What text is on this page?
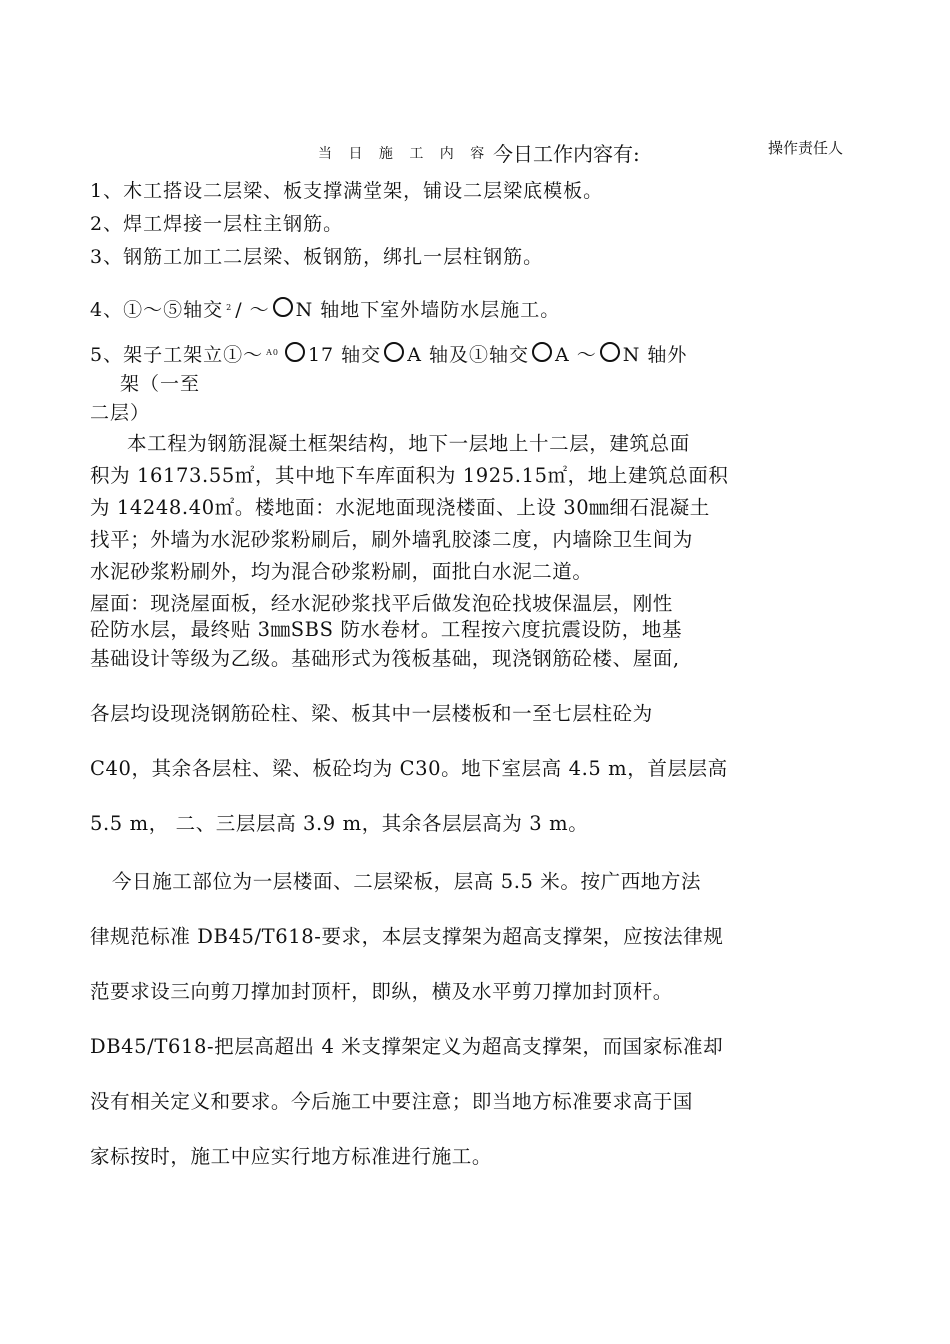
当 日 施 工 内 容 今日工作内容有:	操作责任人
1、木工搭设二层梁、板支撑满堂架，铺设二层梁底模板。
2、焊工焊接一层柱主钢筋。
3、钢筋工加工二层梁、板钢筋，绑扎一层柱钢筋。
4、①～⑤轴交 $^2$ / ～ N 轴地下室外墙防水层施工。
5、架子工架立①～ $^{A0}$ 17 轴交 A 轴及①轴交 A ～ N 轴外
架（一至
二层）
本工程为钢筋混凝土框架结构，地下一层地上十二层，建筑总面
积为 16173.55㎡，其中地下车库面积为 1925.15㎡，地上建筑总面积
为 14248.40㎡。楼地面：水泥地面现浇楼面、上设 30㎜细石混凝土
找平；外墙为水泥砂浆粉刷后，刷外墙乳胶漆二度，内墙除卫生间为
水泥砂浆粉刷外，均为混合砂浆粉刷，面批白水泥二道。
屋面：现浇屋面板，经水泥砂浆找平后做发泡砼找坡保温层，刚性
砼防水层，最终贴 3㎜SBS 防水卷材。工程按六度抗震设防，地基
基础设计等级为乙级。基础形式为筏板基础，现浇钢筋砼楼、屋面,
各层均设现浇钢筋砼柱、梁、板其中一层楼板和一至七层柱砼为
C40，其余各层柱、梁、板砼均为 C30。地下室层高 4.5 m，首层层高
5.5 m， 二、三层层高 3.9 m，其余各层层高为 3 m。
今日施工部位为一层楼面、二层梁板，层高 5.5 米。按广西地方法
律规范标准 DB45/T618-要求，本层支撑架为超高支撑架，应按法律规
范要求设三向剪刀撑加封顶杆，即纵，横及水平剪刀撑加封顶杆。
DB45/T618-把层高超出 4 米支撑架定义为超高支撑架，而国家标准却
没有相关定义和要求。今后施工中要注意；即当地方标准要求高于国
家标按时，施工中应实行地方标准进行施工。
